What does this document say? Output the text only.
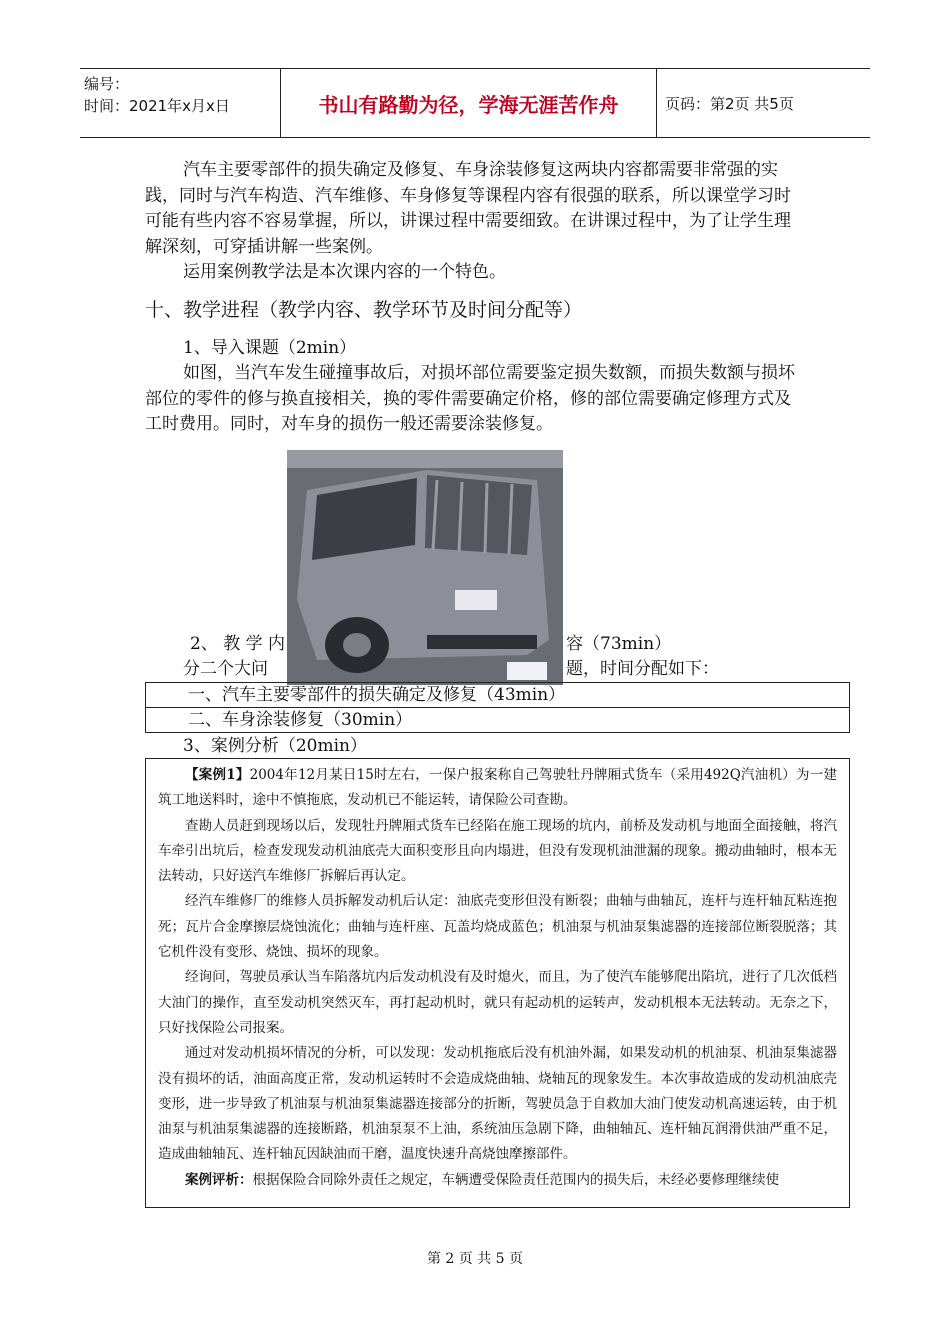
编号：
时间：2021年x月x日	书山有路勤为径，学海无涯苦作舟	页码：第2页 共5页

汽车主要零部件的损失确定及修复、车身涂装修复这两块内容都需要非常强的实践，同时与汽车构造、汽车维修、车身修复等课程内容有很强的联系，所以课堂学习时可能有些内容不容易掌握，所以，讲课过程中需要细致。在讲课过程中，为了让学生理解深刻，可穿插讲解一些案例。

运用案例教学法是本次课内容的一个特色。

十、教学进程（教学内容、教学环节及时间分配等）

1、导入课题（2min）

如图，当汽车发生碰撞事故后，对损坏部位需要鉴定损失数额，而损失数额与损坏部位的零件的修与换直接相关，换的零件需要确定价格，修的部位需要确定修理方式及工时费用。同时，对车身的损伤一般还需要涂装修复。

2、 教 学 内	容（73min）

分二个大问	题，时间分配如下：

一、汽车主要零部件的损失确定及修复（43min）
二、车身涂装修复（30min）

3、案例分析（20min）

【案例1】2004年12月某日15时左右，一保户报案称自己驾驶牡丹牌厢式货车（采用492Q汽油机）为一建筑工地送料时，途中不慎拖底，发动机已不能运转，请保险公司查勘。

查勘人员赶到现场以后，发现牡丹牌厢式货车已经陷在施工现场的坑内，前桥及发动机与地面全面接触，将汽车牵引出坑后，检查发现发动机油底壳大面积变形且向内塌进，但没有发现机油泄漏的现象。搬动曲轴时，根本无法转动，只好送汽车维修厂拆解后再认定。

经汽车维修厂的维修人员拆解发动机后认定：油底壳变形但没有断裂；曲轴与曲轴瓦，连杆与连杆轴瓦粘连抱死；瓦片合金摩擦层烧蚀流化；曲轴与连杆座、瓦盖均烧成蓝色；机油泵与机油泵集滤器的连接部位断裂脱落；其它机件没有变形、烧蚀、损坏的现象。

经询问，驾驶员承认当车陷落坑内后发动机没有及时熄火，而且，为了使汽车能够爬出陷坑，进行了几次低档大油门的操作，直至发动机突然灭车，再打起动机时，就只有起动机的运转声，发动机根本无法转动。无奈之下，只好找保险公司报案。

通过对发动机损坏情况的分析，可以发现：发动机拖底后没有机油外漏，如果发动机的机油泵、机油泵集滤器没有损坏的话，油面高度正常，发动机运转时不会造成烧曲轴、烧轴瓦的现象发生。本次事故造成的发动机油底壳变形，进一步导致了机油泵与机油泵集滤器连接部分的折断，驾驶员急于自救加大油门使发动机高速运转，由于机油泵与机油泵集滤器的连接断路，机油泵泵不上油，系统油压急剧下降，曲轴轴瓦、连杆轴瓦润滑供油严重不足，造成曲轴轴瓦、连杆轴瓦因缺油而干磨，温度快速升高烧蚀摩擦部件。

案例评析：根据保险合同除外责任之规定，车辆遭受保险责任范围内的损失后，未经必要修理继续使

第 2 页 共 5 页
